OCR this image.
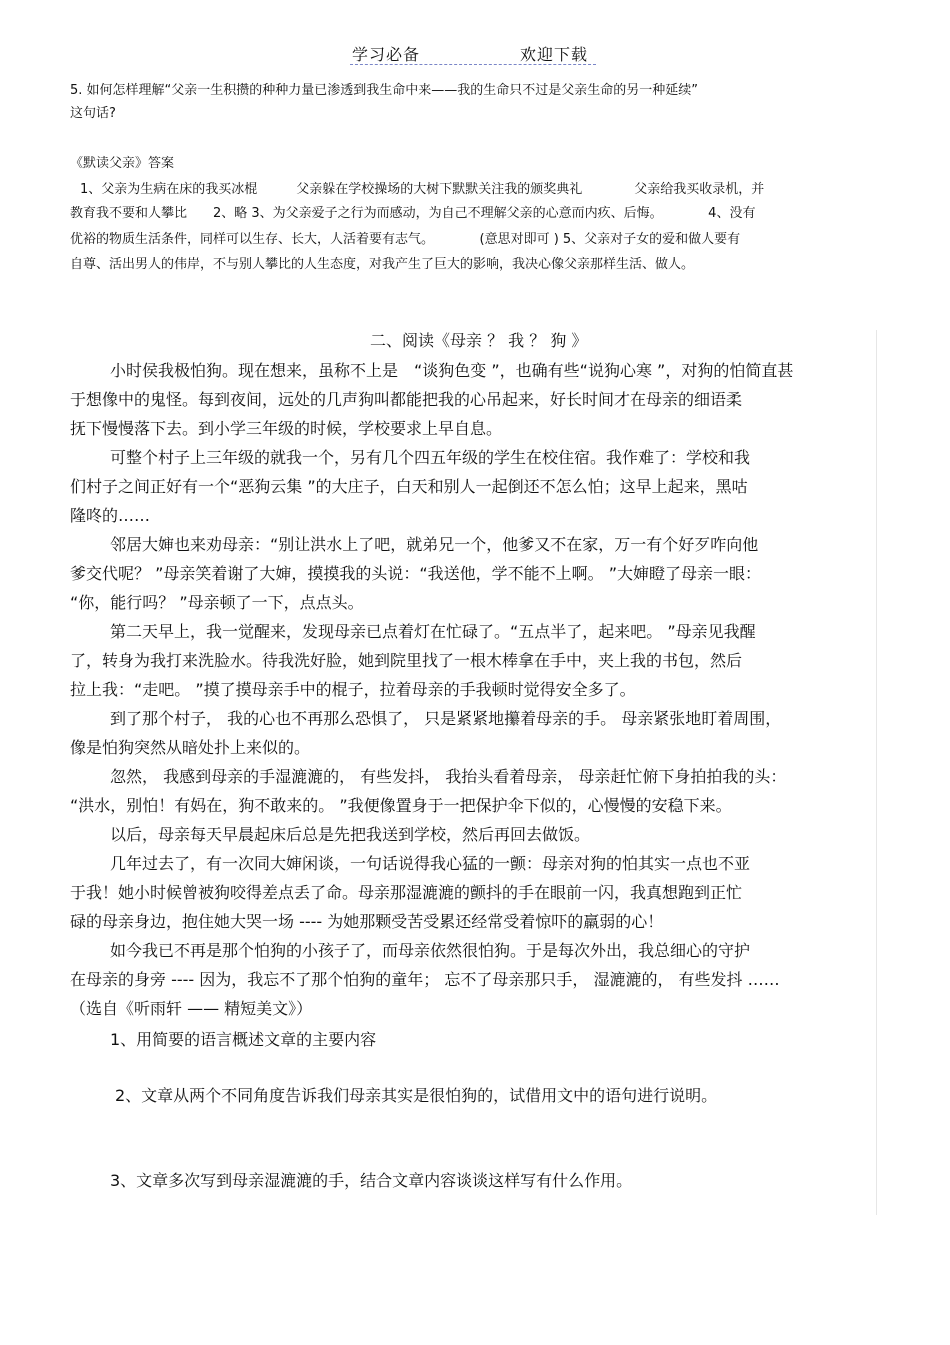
学习必备	欢迎下载
5. 如何怎样理解“父亲一生积攒的种种力量已渗透到我生命中来——我的生命只不过是父亲生命的另一种延续”
这句话?
《默读父亲》答案
1、父亲为生病在床的我买冰棍　　　父亲躲在学校操场的大树下默默关注我的颁奖典礼　　　　父亲给我买收录机，并
教育我不要和人攀比　　2、略 3、为父亲爱子之行为而感动，为自己不理解父亲的心意而内疚、后悔。　　　　4、没有
优裕的物质生活条件，同样可以生存、长大，人活着要有志气。　　　　(意思对即可 ) 5、父亲对子女的爱和做人要有
自尊、活出男人的伟岸，不与别人攀比的人生态度，对我产生了巨大的影响，我决心像父亲那样生活、做人。
二、阅读《母亲 ？ 我 ？ 狗 》
小时侯我极怕狗。现在想来，虽称不上是　“谈狗色变 ”，也确有些“说狗心寒 ”，对狗的怕简直甚
于想像中的鬼怪。每到夜间，远处的几声狗叫都能把我的心吊起来，好长时间才在母亲的细语柔
抚下慢慢落下去。到小学三年级的时候，学校要求上早自息。
可整个村子上三年级的就我一个，另有几个四五年级的学生在校住宿。我作难了：学校和我
们村子之间正好有一个“恶狗云集 ”的大庄子，白天和别人一起倒还不怎么怕；这早上起来，黑咕
隆咚的……
邻居大婶也来劝母亲：“别让洪水上了吧，就弟兄一个，他爹又不在家，万一有个好歹咋向他
爹交代呢？ ”母亲笑着谢了大婶，摸摸我的头说：“我送他，学不能不上啊。 ”大婶瞪了母亲一眼：
“你，能行吗？ ”母亲顿了一下，点点头。
第二天早上，我一觉醒来，发现母亲已点着灯在忙碌了。“五点半了，起来吧。 ”母亲见我醒
了，转身为我打来洗脸水。待我洗好脸，她到院里找了一根木棒拿在手中，夹上我的书包，然后
拉上我：“走吧。 ”摸了摸母亲手中的棍子，拉着母亲的手我顿时觉得安全多了。
到了那个村子， 我的心也不再那么恐惧了， 只是紧紧地攥着母亲的手。 母亲紧张地盯着周围，
像是怕狗突然从暗处扑上来似的。
忽然， 我感到母亲的手湿漉漉的， 有些发抖， 我抬头看着母亲， 母亲赶忙俯下身拍拍我的头：
“洪水，别怕！有妈在，狗不敢来的。 ”我便像置身于一把保护伞下似的，心慢慢的安稳下来。
以后，母亲每天早晨起床后总是先把我送到学校，然后再回去做饭。
几年过去了，有一次同大婶闲谈，一句话说得我心猛的一颤：母亲对狗的怕其实一点也不亚
于我！她小时候曾被狗咬得差点丢了命。母亲那湿漉漉的颤抖的手在眼前一闪，我真想跑到正忙
碌的母亲身边，抱住她大哭一场 ---- 为她那颗受苦受累还经常受着惊吓的羸弱的心！
如今我已不再是那个怕狗的小孩子了，而母亲依然很怕狗。于是每次外出，我总细心的守护
在母亲的身旁 ---- 因为，我忘不了那个怕狗的童年； 忘不了母亲那只手， 湿漉漉的， 有些发抖 ……
（选自《听雨轩 —— 精短美文》）
1、用简要的语言概述文章的主要内容
2、文章从两个不同角度告诉我们母亲其实是很怕狗的，试借用文中的语句进行说明。
3、文章多次写到母亲湿漉漉的手，结合文章内容谈谈这样写有什么作用。
